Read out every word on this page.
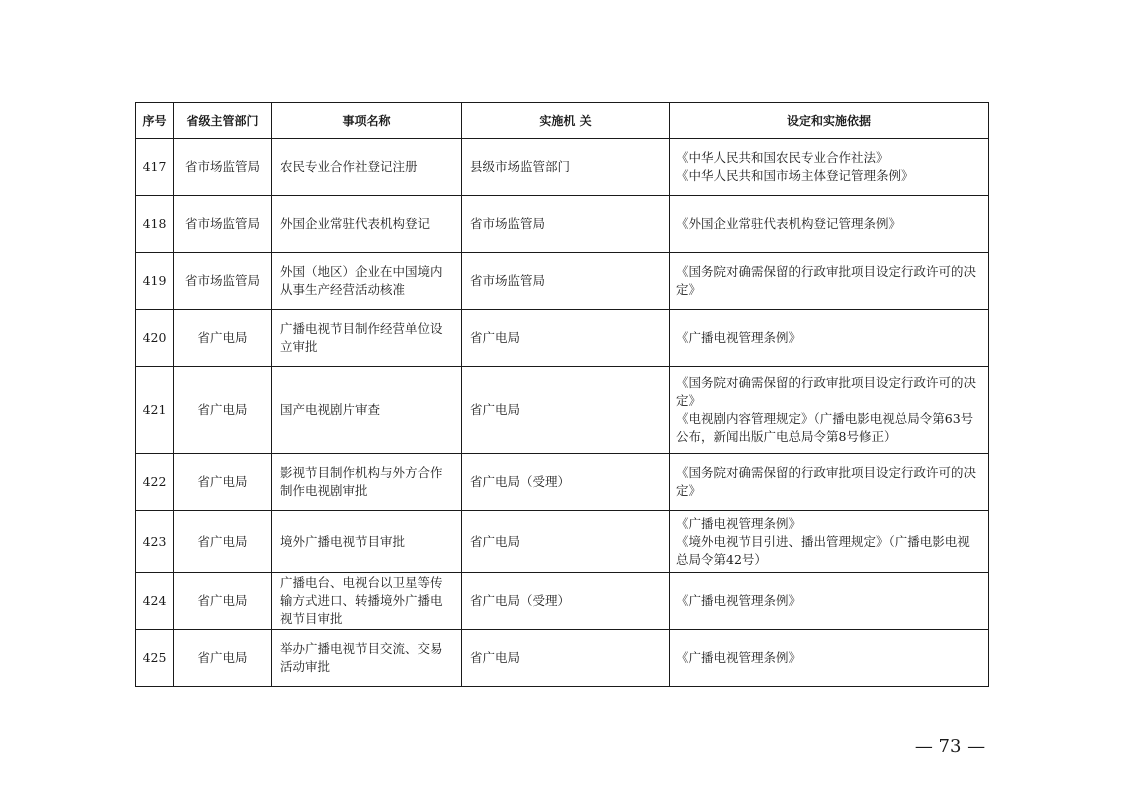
序号	省级主管部门	事项名称	实施机 关	设定和实施依据
417	省市场监管局	农民专业合作社登记注册	县级市场监管部门	《中华人民共和国农民专业合作社法》
《中华人民共和国市场主体登记管理条例》

418	省市场监管局	外国企业常驻代表机构登记	省市场监管局	《外国企业常驻代表机构登记管理条例》

419	省市场监管局	外国（地区）企业在中国境内从事生产经营活动核准	省市场监管局	《国务院对确需保留的行政审批项目设定行政许可的决定》

420	省广电局	广播电视节目制作经营单位设立审批	省广电局	《广播电视管理条例》

421	省广电局	国产电视剧片审查	省广电局	《国务院对确需保留的行政审批项目设定行政许可的决定》
《电视剧内容管理规定》（广播电影电视总局令第63号公布，新闻出版广电总局令第8号修正）

422	省广电局	影视节目制作机构与外方合作制作电视剧审批	省广电局（受理）	《国务院对确需保留的行政审批项目设定行政许可的决定》

423	省广电局	境外广播电视节目审批	省广电局	《广播电视管理条例》
《境外电视节目引进、播出管理规定》（广播电影电视总局令第42号）

424	省广电局	广播电台、电视台以卫星等传输方式进口、转播境外广播电视节目审批	省广电局（受理）	《广播电视管理条例》

425	省广电局	举办广播电视节目交流、交易活动审批	省广电局	《广播电视管理条例》
— 73 —
